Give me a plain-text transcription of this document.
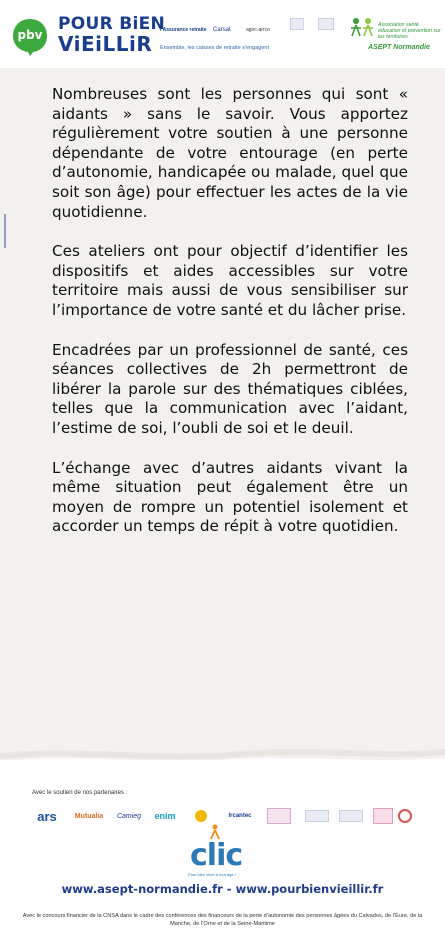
pbv
POUR BiEN
ViEiLLiR Ensemble, les caisses de retraite s'engagent
l'Assurance retraite Carsat	agirc-arrco
Association santé éducation et prévention sur les territoires
ASEPT Normandie

Nombreuses sont les personnes qui sont « aidants » sans le savoir. Vous apportez régulièrement votre soutien à une personne dépendante de votre entourage (en perte d’autonomie, handicapée ou malade, quel que soit son âge) pour effectuer les actes de la vie quotidienne.

Ces ateliers ont pour objectif d’identifier les dispositifs et aides accessibles sur votre territoire mais aussi de vous sensibiliser sur l’importance de votre santé et du lâcher prise.

Encadrées par un professionnel de santé, ces séances collectives de 2h permettront de libérer la parole sur des thématiques ciblées, telles que la communication avec l’aidant, l’estime de soi, l’oubli de soi et le deuil.

L’échange avec d’autres aidants vivant la même situation peut également être un moyen de rompre un potentiel isolement et accorder un temps de répit à votre quotidien.

Avec le soutien de nos partenaires :
ars	Mutualia	Camieg	enim	Ircantec
clic
Pour bien vivre à tout âge !
www.asept-normandie.fr - www.pourbienvieillir.fr
Avec le concours financier de la CNSA dans le cadre des conférences des financeurs de la perte d’autonomie des personnes âgées du Calvados, de l’Eure, de la Manche, de l’Orne et de la Seine-Maritime
